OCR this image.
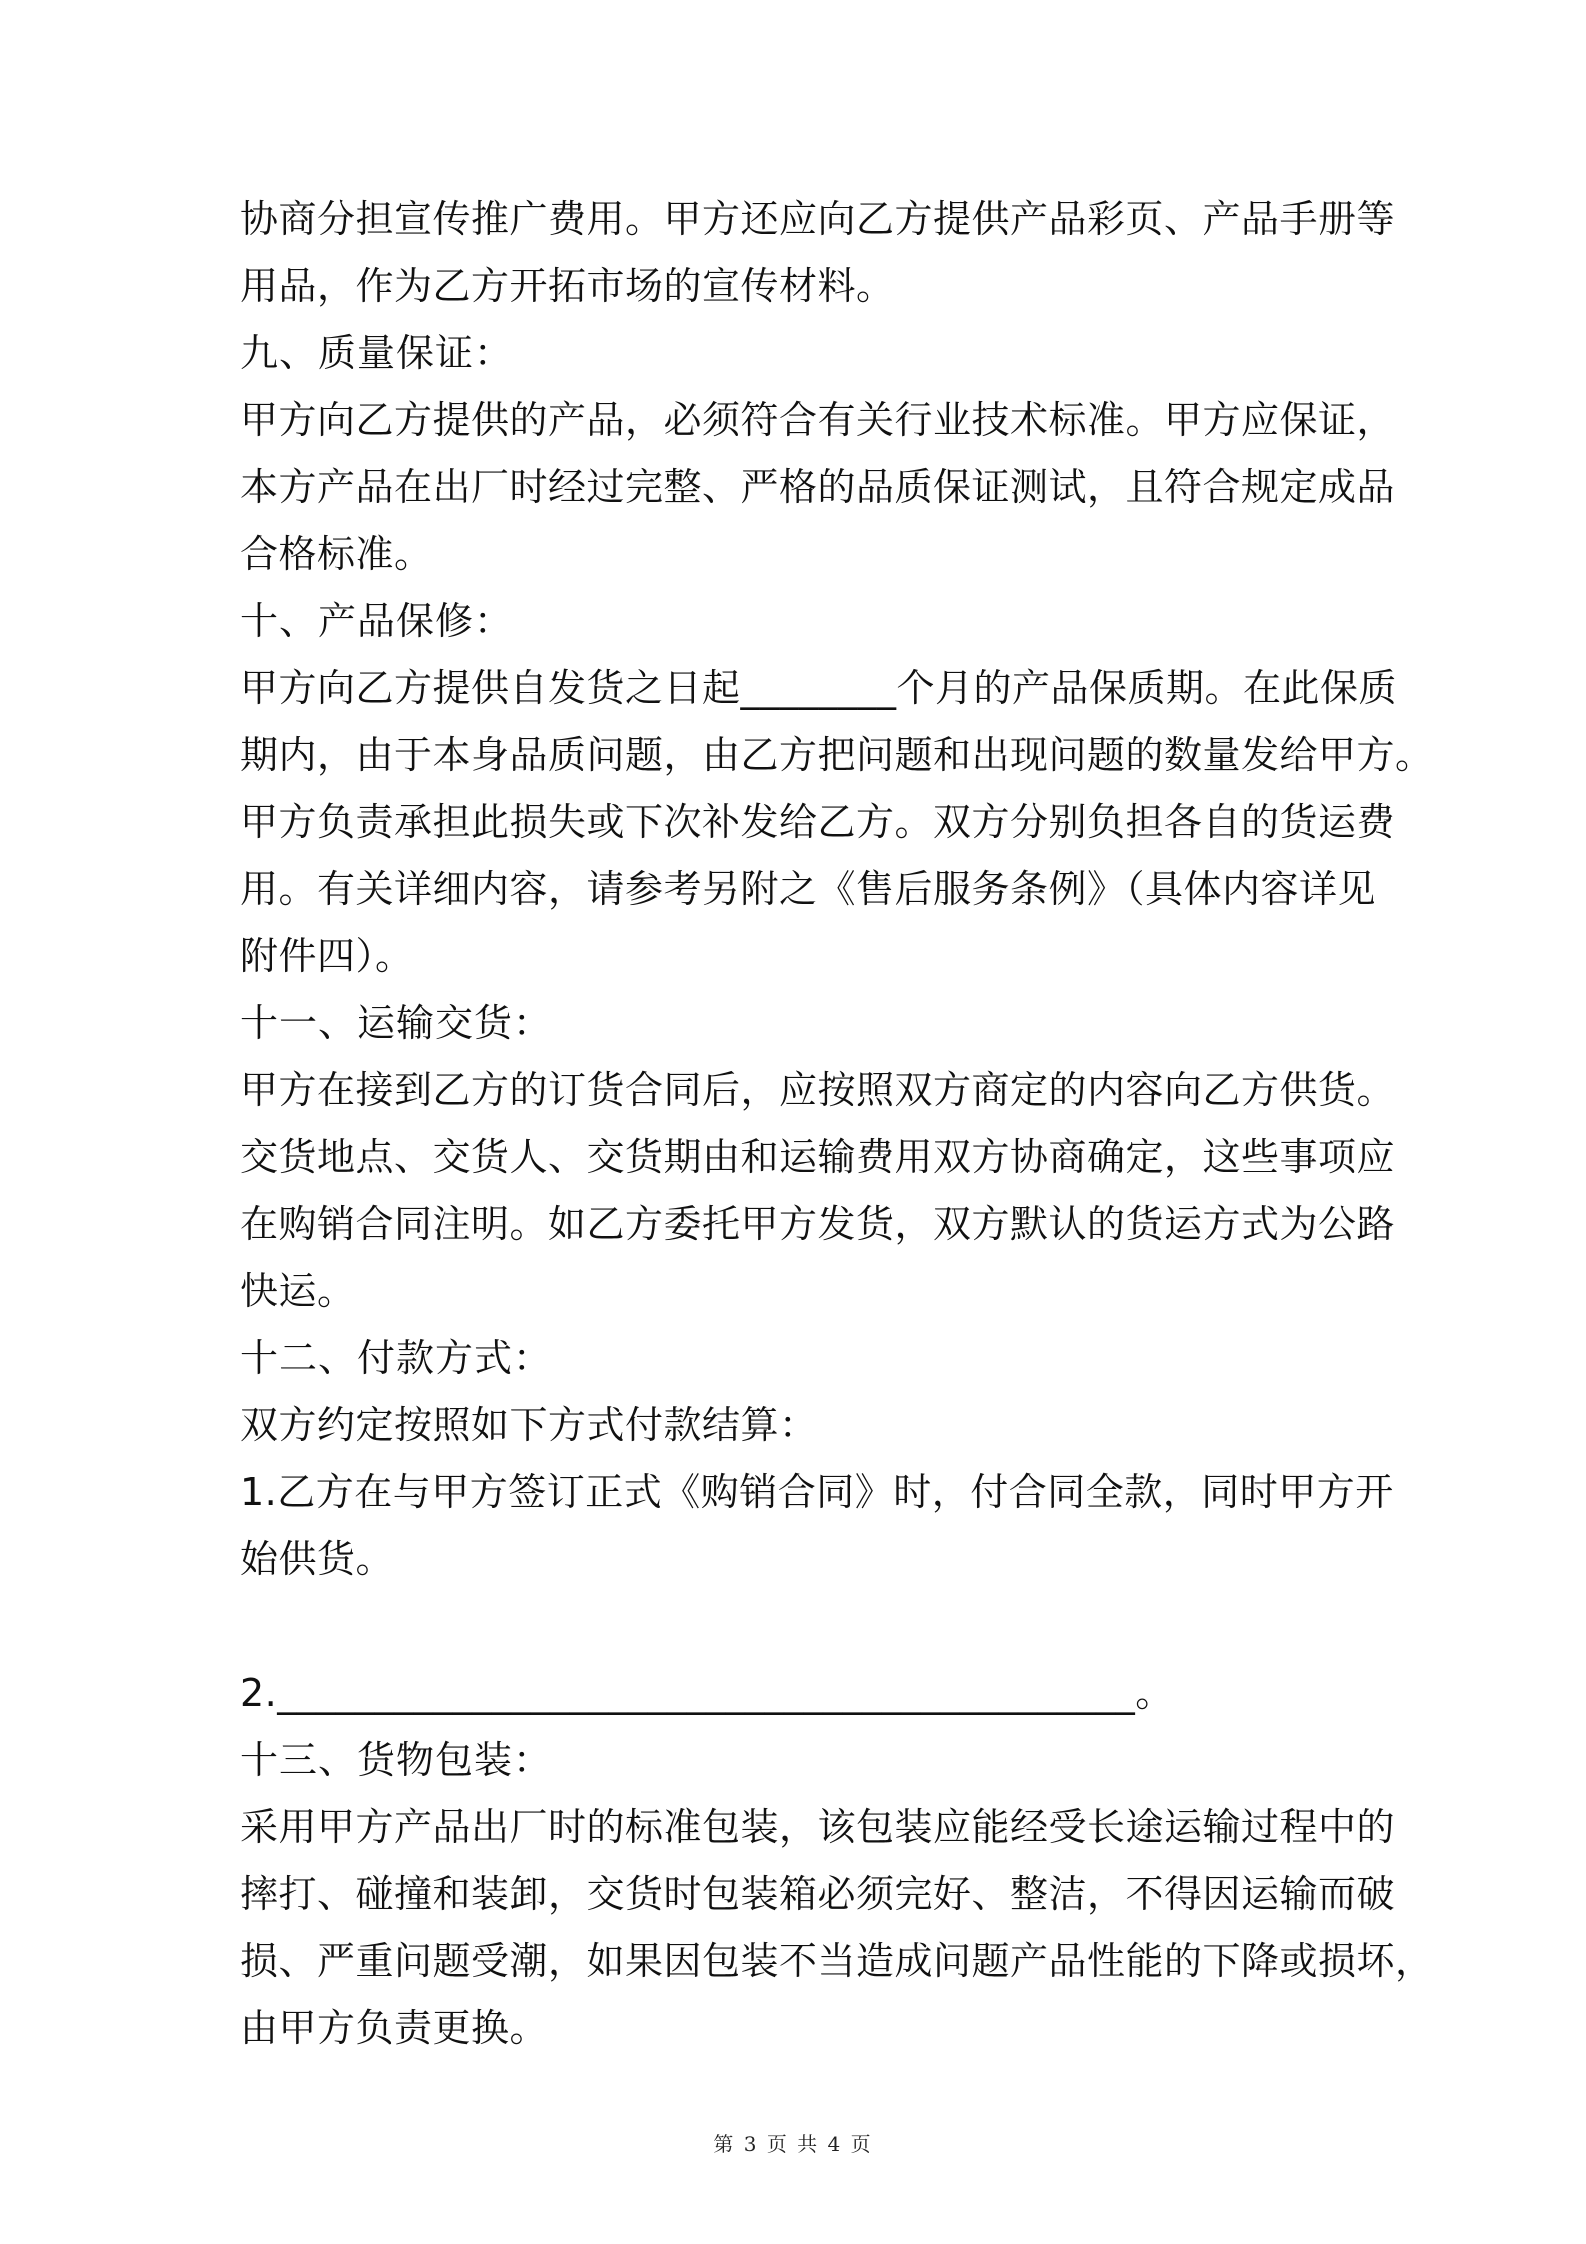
协商分担宣传推广费用。甲方还应向乙方提供产品彩页、产品手册等
用品，作为乙方开拓市场的宣传材料。
九、质量保证：
甲方向乙方提供的产品，必须符合有关行业技术标准。甲方应保证，
本方产品在出厂时经过完整、严格的品质保证测试，且符合规定成品
合格标准。
十、产品保修：
甲方向乙方提供自发货之日起________个月的产品保质期。在此保质
期内，由于本身品质问题，由乙方把问题和出现问题的数量发给甲方。
甲方负责承担此损失或下次补发给乙方。双方分别负担各自的货运费
用。有关详细内容，请参考另附之《售后服务条例》（具体内容详见
附件四）。
十一、运输交货：
甲方在接到乙方的订货合同后，应按照双方商定的内容向乙方供货。
交货地点、交货人、交货期由和运输费用双方协商确定，这些事项应
在购销合同注明。如乙方委托甲方发货，双方默认的货运方式为公路
快运。
十二、付款方式：
双方约定按照如下方式付款结算：
1.乙方在与甲方签订正式《购销合同》时，付合同全款，同时甲方开
始供货。
2.____________________________________________。
十三、货物包装：
采用甲方产品出厂时的标准包装，该包装应能经受长途运输过程中的
摔打、碰撞和装卸，交货时包装箱必须完好、整洁，不得因运输而破
损、严重问题受潮，如果因包装不当造成问题产品性能的下降或损坏，
由甲方负责更换。
第 3 页 共 4 页
